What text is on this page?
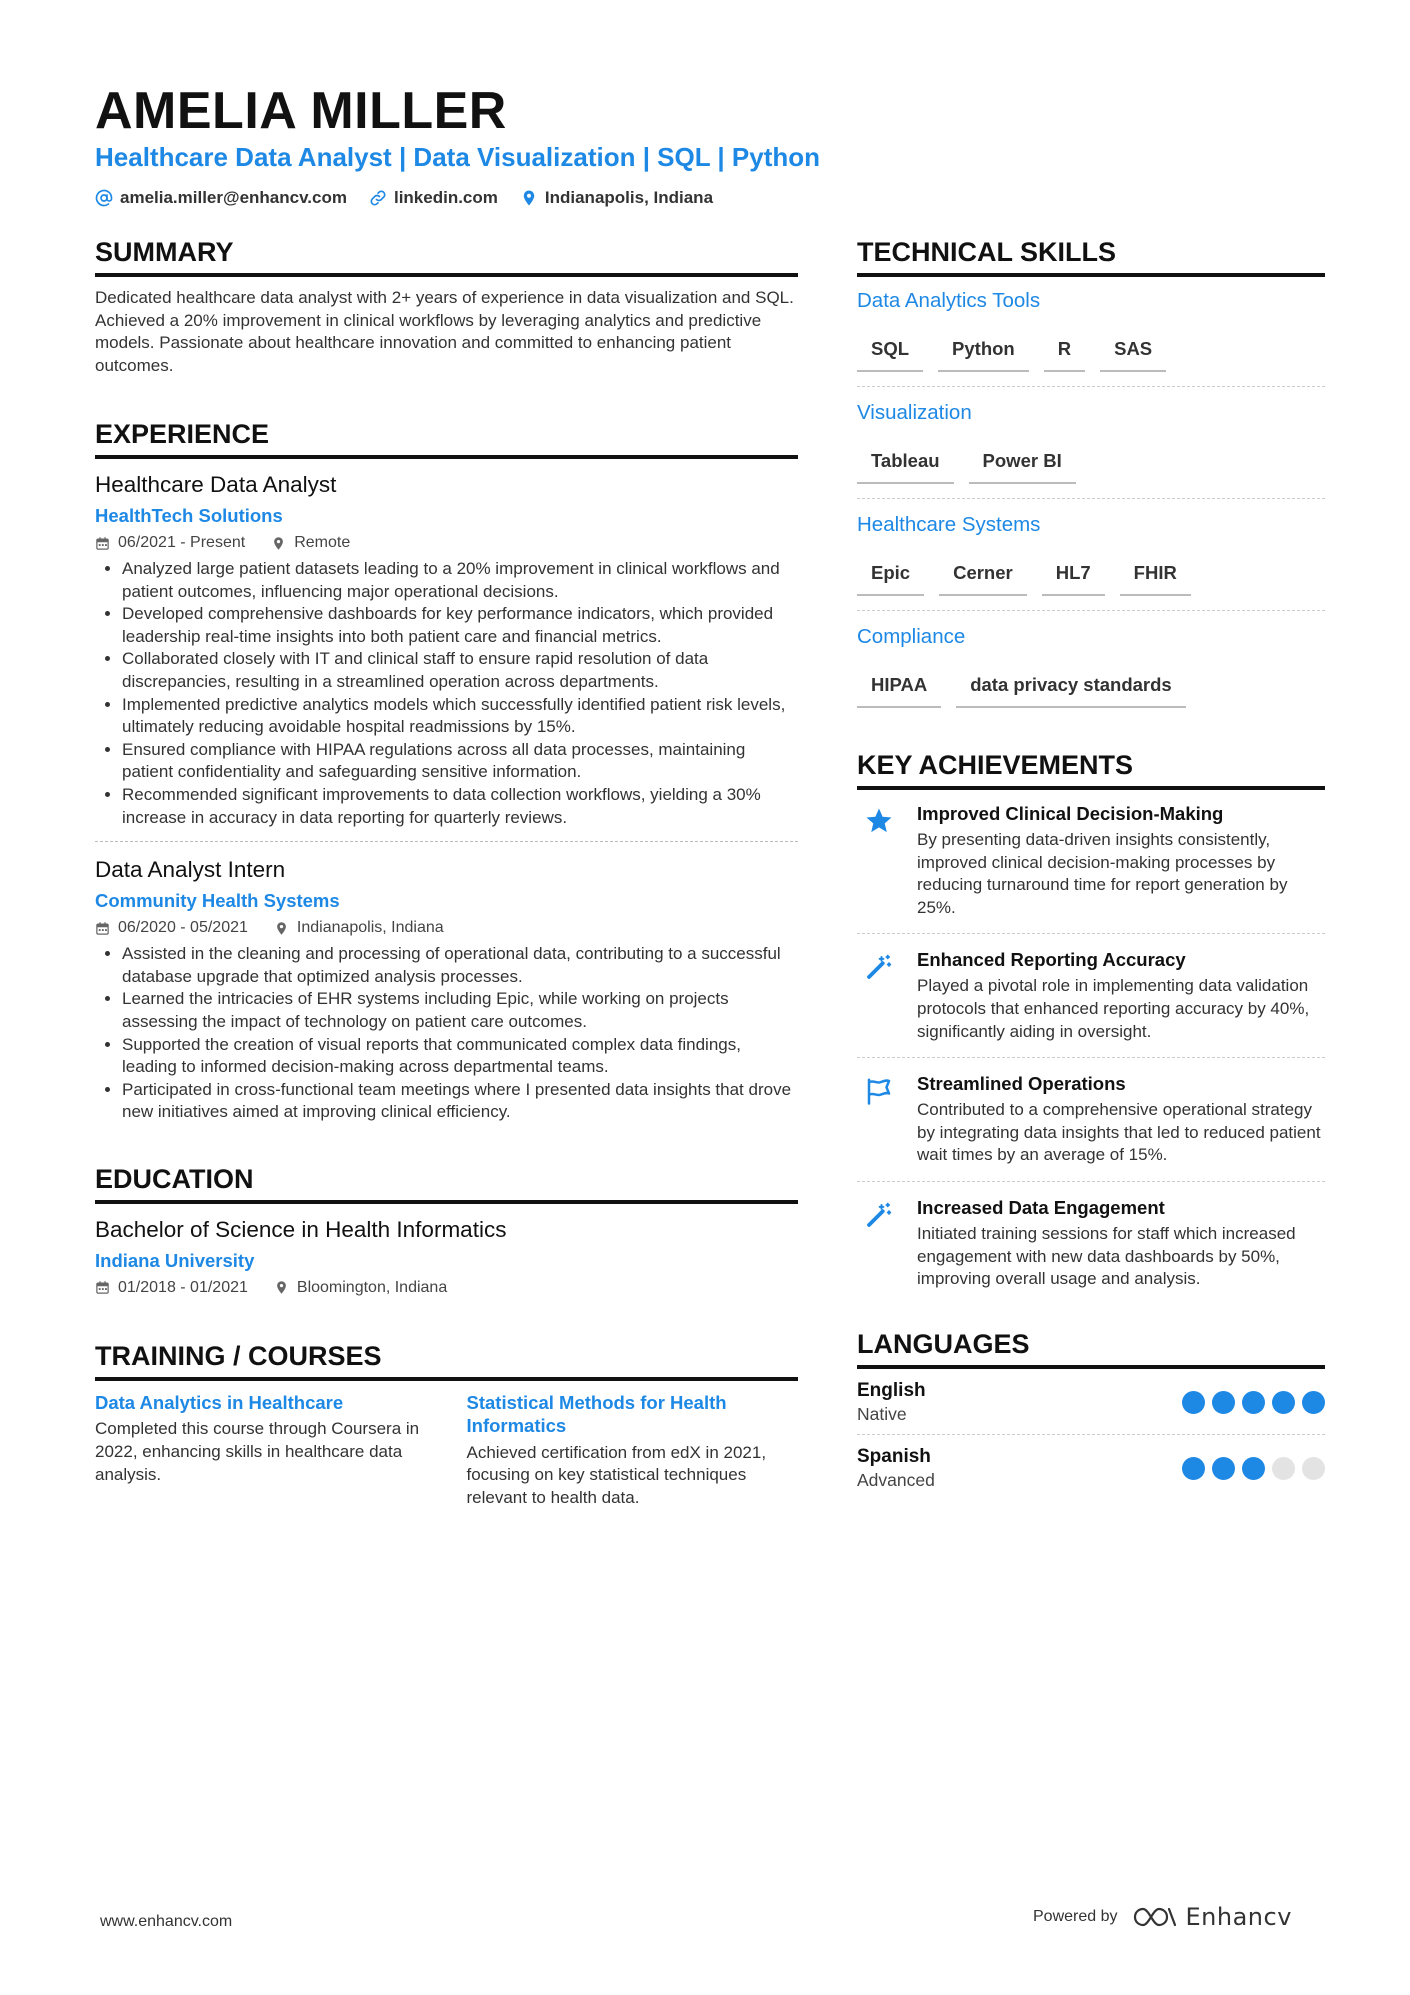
AMELIA MILLER
Healthcare Data Analyst | Data Visualization | SQL | Python
amelia.miller@enhancv.com	linkedin.com	Indianapolis, Indiana
SUMMARY

Dedicated healthcare data analyst with 2+ years of experience in data visualization and SQL. Achieved a 20% improvement in clinical workflows by leveraging analytics and predictive models. Passionate about healthcare innovation and committed to enhancing patient outcomes.

EXPERIENCE
Healthcare Data Analyst
HealthTech Solutions
06/2021 - Present	Remote
• Analyzed large patient datasets leading to a 20% improvement in clinical workflows and patient outcomes, influencing major operational decisions.
• Developed comprehensive dashboards for key performance indicators, which provided leadership real-time insights into both patient care and financial metrics.
• Collaborated closely with IT and clinical staff to ensure rapid resolution of data discrepancies, resulting in a streamlined operation across departments.
• Implemented predictive analytics models which successfully identified patient risk levels, ultimately reducing avoidable hospital readmissions by 15%.
• Ensured compliance with HIPAA regulations across all data processes, maintaining patient confidentiality and safeguarding sensitive information.
• Recommended significant improvements to data collection workflows, yielding a 30% increase in accuracy in data reporting for quarterly reviews.
Data Analyst Intern
Community Health Systems
06/2020 - 05/2021	Indianapolis, Indiana
• Assisted in the cleaning and processing of operational data, contributing to a successful database upgrade that optimized analysis processes.
• Learned the intricacies of EHR systems including Epic, while working on projects assessing the impact of technology on patient care outcomes.
• Supported the creation of visual reports that communicated complex data findings, leading to informed decision-making across departmental teams.
• Participated in cross-functional team meetings where I presented data insights that drove new initiatives aimed at improving clinical efficiency.
EDUCATION
Bachelor of Science in Health Informatics
Indiana University
01/2018 - 01/2021	Bloomington, Indiana
TRAINING / COURSES
Data Analytics in Healthcare
Completed this course through Coursera in 2022, enhancing skills in healthcare data analysis.
Statistical Methods for Health Informatics
Achieved certification from edX in 2021, focusing on key statistical techniques relevant to health data.
TECHNICAL SKILLS
Data Analytics Tools
SQL	Python	R	SAS
Visualization
Tableau	Power BI
Healthcare Systems
Epic	Cerner	HL7	FHIR
Compliance
HIPAA	data privacy standards
KEY ACHIEVEMENTS
Improved Clinical Decision-Making
By presenting data-driven insights consistently, improved clinical decision-making processes by reducing turnaround time for report generation by 25%.
Enhanced Reporting Accuracy
Played a pivotal role in implementing data validation protocols that enhanced reporting accuracy by 40%, significantly aiding in oversight.
Streamlined Operations
Contributed to a comprehensive operational strategy by integrating data insights that led to reduced patient wait times by an average of 15%.
Increased Data Engagement
Initiated training sessions for staff which increased engagement with new data dashboards by 50%, improving overall usage and analysis.
LANGUAGES
English
Native
Spanish
Advanced
www.enhancv.com	Powered by	Enhancv
